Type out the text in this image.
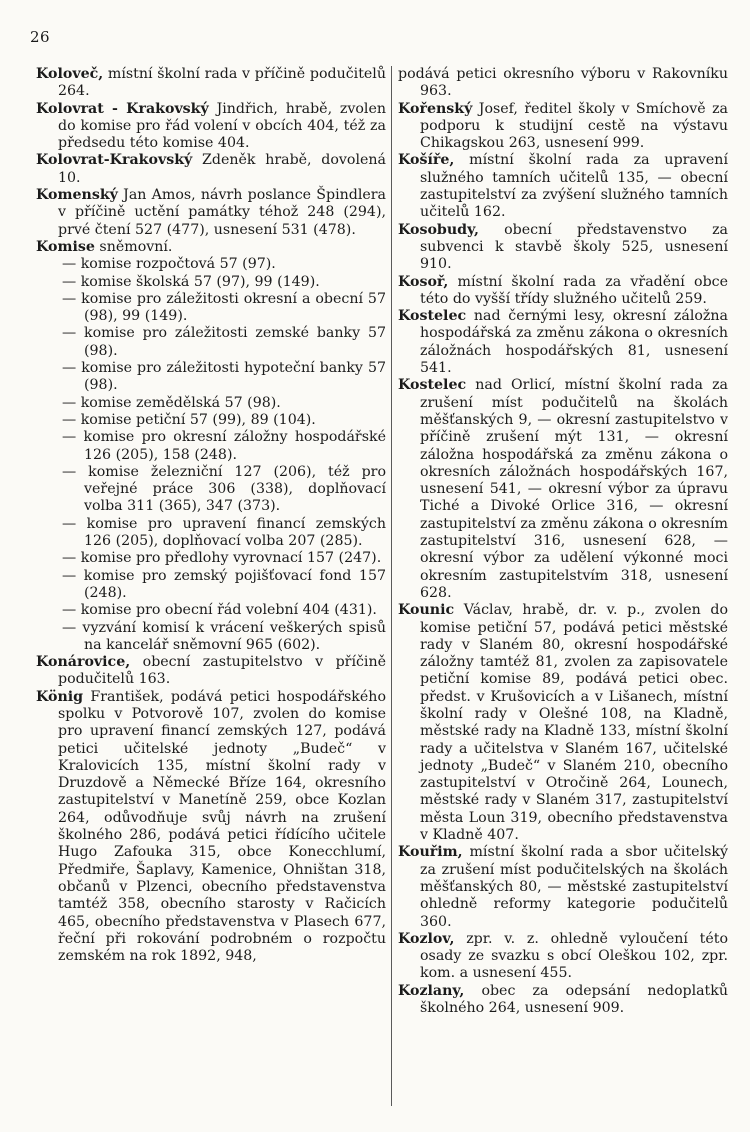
26

Koloveč, místní školní rada v příčině podučitelů 264.

Kolovrat - Krakovský Jindřich, hrabě, zvolen do komise pro řád volení v obcích 404, též za předsedu této komise 404.

Kolovrat-Krakovský Zdeněk hrabě, dovolená 10.

Komenský Jan Amos, návrh poslance Špindlera v příčině uctění památky téhož 248 (294), prvé čtení 527 (477), usnesení 531 (478).

Komise sněmovní.

— komise rozpočtová 57 (97).

— komise školská 57 (97), 99 (149).

— komise pro záležitosti okresní a obecní 57 (98), 99 (149).

— komise pro záležitosti zemské banky 57 (98).

— komise pro záležitosti hypoteční banky 57 (98).

— komise zemědělská 57 (98).

— komise petiční 57 (99), 89 (104).

— komise pro okresní záložny hospodářské 126 (205), 158 (248).

— komise železniční 127 (206), též pro veřejné práce 306 (338), doplňovací volba 311 (365), 347 (373).

— komise pro upravení financí zemských 126 (205), doplňovací volba 207 (285).

— komise pro předlohy vyrovnací 157 (247).

— komise pro zemský pojišťovací fond 157 (248).

— komise pro obecní řád volební 404 (431).

— vyzvání komisí k vrácení veškerých spisů na kancelář sněmovní 965 (602).

Konárovice, obecní zastupitelstvo v příčině podučitelů 163.

König František, podává petici hospodářského spolku v Potvorově 107, zvolen do komise pro upravení financí zemských 127, podává petici učitelské jednoty „Budeč“ v Kralovicích 135, místní školní rady v Druzdově a Německé Bříze 164, okresního zastupitelství v Manetíně 259, obce Kozlan 264, odůvodňuje svůj návrh na zrušení školného 286, podává petici řídícího učitele Hugo Zafouka 315, obce Konecchlumí, Předmiře, Šaplavy, Kamenice, Ohništan 318, občanů v Plzenci, obecního představenstva tamtéž 358, obecního starosty v Račicích 465, obecního představenstva v Plasech 677, řeční při rokování podrobném o rozpočtu zemském na rok 1892, 948,

podává petici okresního výboru v Rakovníku 963.

Kořenský Josef, ředitel školy v Smíchově za podporu k studijní cestě na výstavu Chikagskou 263, usnesení 999.

Košíře, místní školní rada za upravení služného tamních učitelů 135, — obecní zastupitelství za zvýšení služného tamních učitelů 162.

Kosobudy, obecní představenstvo za subvenci k stavbě školy 525, usnesení 910.

Kosoř, místní školní rada za vřadění obce této do vyšší třídy služného učitelů 259.

Kostelec nad černými lesy, okresní záložna hospodářská za změnu zákona o okresních záložnách hospodářských 81, usnesení 541.

Kostelec nad Orlicí, místní školní rada za zrušení míst podučitelů na školách měšťanských 9, — okresní zastupitelstvo v příčině zrušení mýt 131, — okresní záložna hospodářská za změnu zákona o okresních záložnách hospodářských 167, usnesení 541, — okresní výbor za úpravu Tiché a Divoké Orlice 316, — okresní zastupitelství za změnu zákona o okresním zastupitelství 316, usnesení 628, — okresní výbor za udělení výkonné moci okresním zastupitelstvím 318, usnesení 628.

Kounic Václav, hrabě, dr. v. p., zvolen do komise petiční 57, podává petici městské rady v Slaném 80, okresní hospodářské záložny tamtéž 81, zvolen za zapisovatele petiční komise 89, podává petici obec. předst. v Krušovicích a v Lišanech, místní školní rady v Olešné 108, na Kladně, městské rady na Kladně 133, místní školní rady a učitelstva v Slaném 167, učitelské jednoty „Budeč“ v Slaném 210, obecního zastupitelství v Otročině 264, Lounech, městské rady v Slaném 317, zastupitelství města Loun 319, obecního představenstva v Kladně 407.

Kouřim, místní školní rada a sbor učitelský za zrušení míst podučitelských na školách měšťanských 80, — městské zastupitelství ohledně reformy kategorie podučitelů 360.

Kozlov, zpr. v. z. ohledně vyloučení této osady ze svazku s obcí Oleškou 102, zpr. kom. a usnesení 455.

Kozlany, obec za odepsání nedoplatků školného 264, usnesení 909.
